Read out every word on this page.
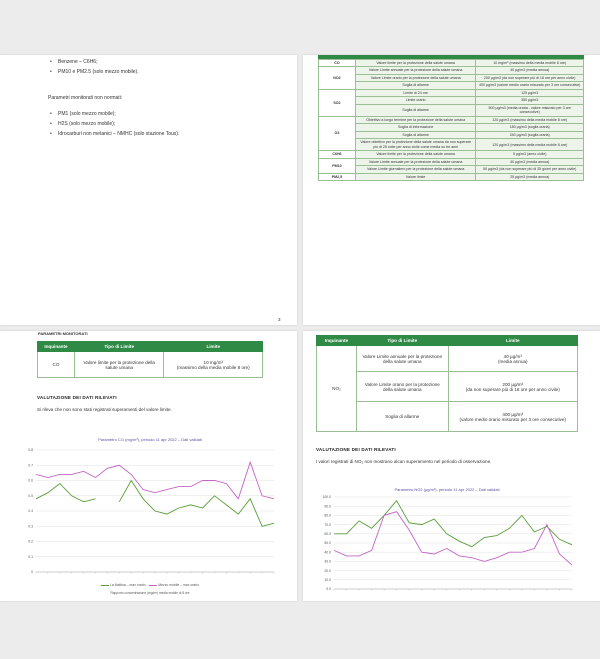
• Benzene – C6H6;
• PM10 e PM2.5 (solo mezzo mobile).
Parametri monitorati non normati:
• PM1 (solo mezzo mobile);
• H2S (solo mezzo mobile);
• Idrocarburi non metanici – NMHC (solo stazione Tous).
3
CO	Valore limite per la protezione della salute umana	10 mg/m³ (massimo della media mobile 8 ore)
NO2	Valore Limite annuale per la protezione della salute umana	40 µg/m3 (media annua)
	Valore Limite orario per la protezione della salute umana	200 µg/m3 (da non superare più di 18 ore per anno civile)
	Soglia di allarme	400 µg/m3 (valore medio orario misurato per 3 ore consecutive)
SO2	Limite di 24 ore	125 µg/m3
	Limite orario	350 µg/m3
	Soglia di allarme	500 µg/m3 (media oraria - valore misurato per 3 ore consecutive)
O3	Obiettivo a lungo termine per la protezione della salute umana	120 µg/m3 (massimo della media mobile 8 ore)
	Soglia di informazione	180 µg/m3 (soglia oraria)
	Soglia di allarme	240 µg/m3 (soglia oraria)
	Valore obiettivo per la protezione della salute umana da non superare più di 25 volte per anno civile come media su tre anni	120 µg/m3 (massimo della media mobile 8 ore)
C6H6	Valore limite per la protezione della salute umana	5 µg/m3 (anno civile)
PM10	Valore Limite annuale per la protezione della salute umana	40 µg/m3 (media annua)
	Valore Limite giornaliero per la protezione della salute umana	50 µg/m3 (da non superare più di 35 giorni per anno civile)
PM2,5	Valore limite	25 µg/m3 (media annua)
PARAMETRI MONITORATI
Inquinante	Tipo di Limite	Limite
CO	Valore limite per la protezione della salute umana	10 mg/m³
(massimo della media mobile 8 ore)
VALUTAZIONE DEI DATI RILEVATI
Si rileva che non sono stati registrati superamenti del valore limite.
Parametro CO (mg/m³), periodo 11 apr 2022 – Dati validati
0
0.1
0.2
0.3
0.4
0.5
0.6
0.7
0.8
La Mattina – max orario	Mezzo mobile – max orario
Rapporto concentrazione (mg/m³) media mobile di 8 ore
Inquinante	Tipo di Limite	Limite
NO₂	Valore Limite annuale per la protezione della salute umana	40 µg/m³
(media annua)

	Valore Limite orario per la protezione della salute umana	200 µg/m³
(da non superare più di 18 ore per anno civile)

	Soglia di allarme	400 µg/m³
(valore medio orario misurato per 3 ore consecutive)
VALUTAZIONE DEI DATI RILEVATI
I valori registrati di NO₂ non mostrano alcun superamento nel periodo di osservazione.
Parametro NO2 (µg/m³), periodo 11 apr 2022 – Dati validati
0.0
10.0
20.0
30.0
40.0
50.0
60.0
70.0
80.0
90.0
100.0
